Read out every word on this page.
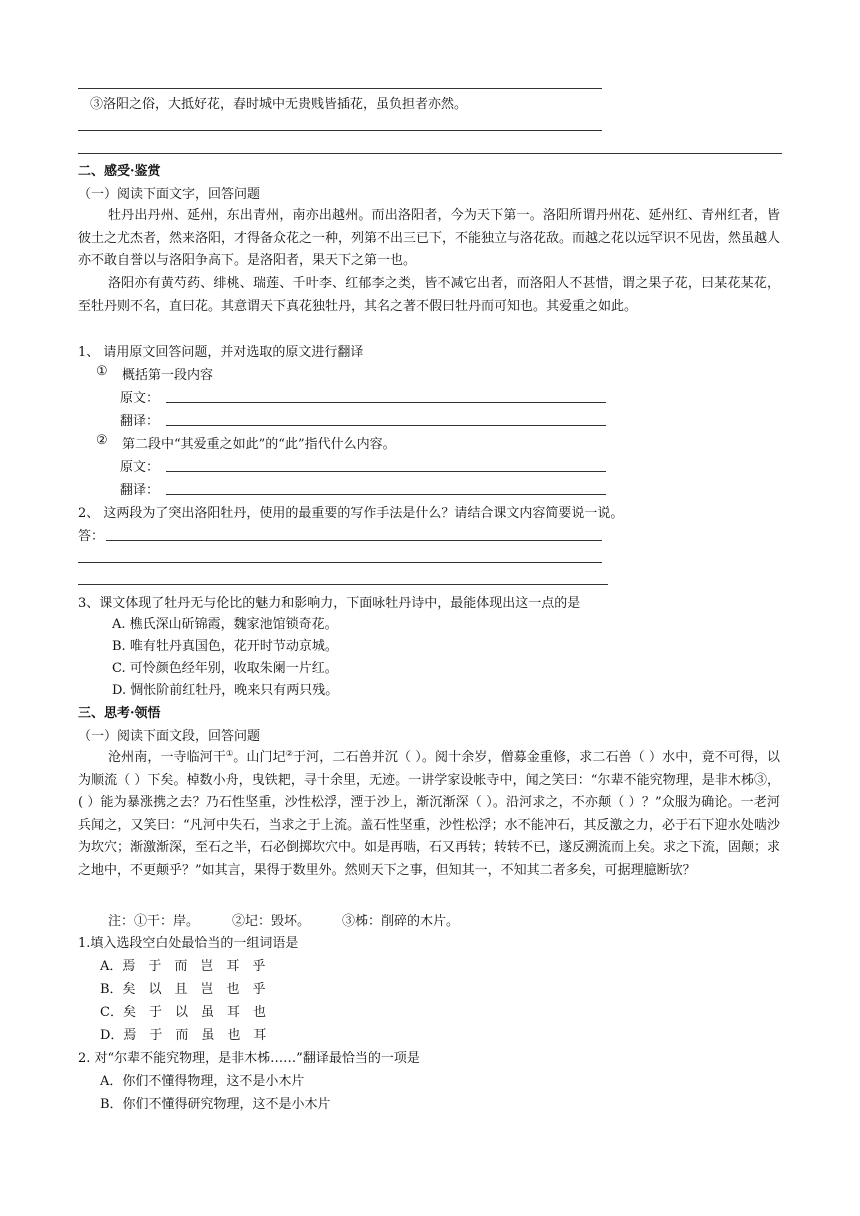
③洛阳之俗，大抵好花，春时城中无贵贱皆插花，虽负担者亦然。
二、感受·鉴赏
（一）阅读下面文字，回答问题
牡丹出丹州、延州，东出青州，南亦出越州。而出洛阳者，今为天下第一。洛阳所谓丹州花、延州红、青州红者，皆彼土之尤杰者，然来洛阳，才得备众花之一种，列第不出三已下，不能独立与洛花敌。而越之花以远罕识不见齿，然虽越人亦不敢自誉以与洛阳争高下。是洛阳者，果天下之第一也。
洛阳亦有黄芍药、绯桃、瑞莲、千叶李、红郁李之类，皆不减它出者，而洛阳人不甚惜，谓之果子花，曰某花某花，至牡丹则不名，直曰花。其意谓天下真花独牡丹，其名之著不假曰牡丹而可知也。其爱重之如此。
1、 请用原文回答问题，并对选取的原文进行翻译
① 概括第一段内容
原文：
翻译：
② 第二段中“其爱重之如此”的“此”指代什么内容。
原文：
翻译：
2、 这两段为了突出洛阳牡丹，使用的最重要的写作手法是什么？请结合课文内容简要说一说。
答：
3、课文体现了牡丹无与伦比的魅力和影响力，下面咏牡丹诗中，最能体现出这一点的是
A. 樵氏深山斫锦霞，魏家池馆锁奇花。
B. 唯有牡丹真国色，花开时节动京城。
C. 可怜颜色经年别，收取朱阑一片红。
D. 惆怅阶前红牡丹，晚来只有两只残。
三、思考·领悟
（一）阅读下面文段，回答问题
沧州南，一寺临河干①。山门圮②于河，二石兽并沉（ ）。阅十余岁，僧募金重修，求二石兽（ ）水中，竟不可得，以为顺流（ ）下矣。棹数小舟，曳铁耙，寻十余里，无迹。一讲学家设帐寺中，闻之笑曰：“尔辈不能究物理，是非木柹③，( ）能为暴涨携之去？乃石性坚重，沙性松浮，湮于沙上，渐沉渐深（ ）。沿河求之，不亦颠（ ）？”众服为确论。一老河兵闻之，又笑曰：“凡河中失石，当求之于上流。盖石性坚重，沙性松浮；水不能冲石，其反激之力，必于石下迎水处啮沙为坎穴；渐激渐深，至石之半，石必倒掷坎穴中。如是再啮，石又再转；转转不已，遂反溯流而上矣。求之下流，固颠；求之地中，不更颠乎？”如其言，果得于数里外。然则天下之事，但知其一，不知其二者多矣，可据理臆断欤？
注：①干：岸。	②圮：毁坏。 ③柹：削碎的木片。
1.填入选段空白处最恰当的一组词语是
A．焉　于　而　岂　耳　乎
B．矣　以　且　岂　也　乎
C．矣　于　以　虽　耳　也
D．焉　于　而　虽　也　耳
2. 对“尔辈不能究物理，是非木柹……”翻译最恰当的一项是
A．你们不懂得物理，这不是小木片
B．你们不懂得研究物理，这不是小木片
